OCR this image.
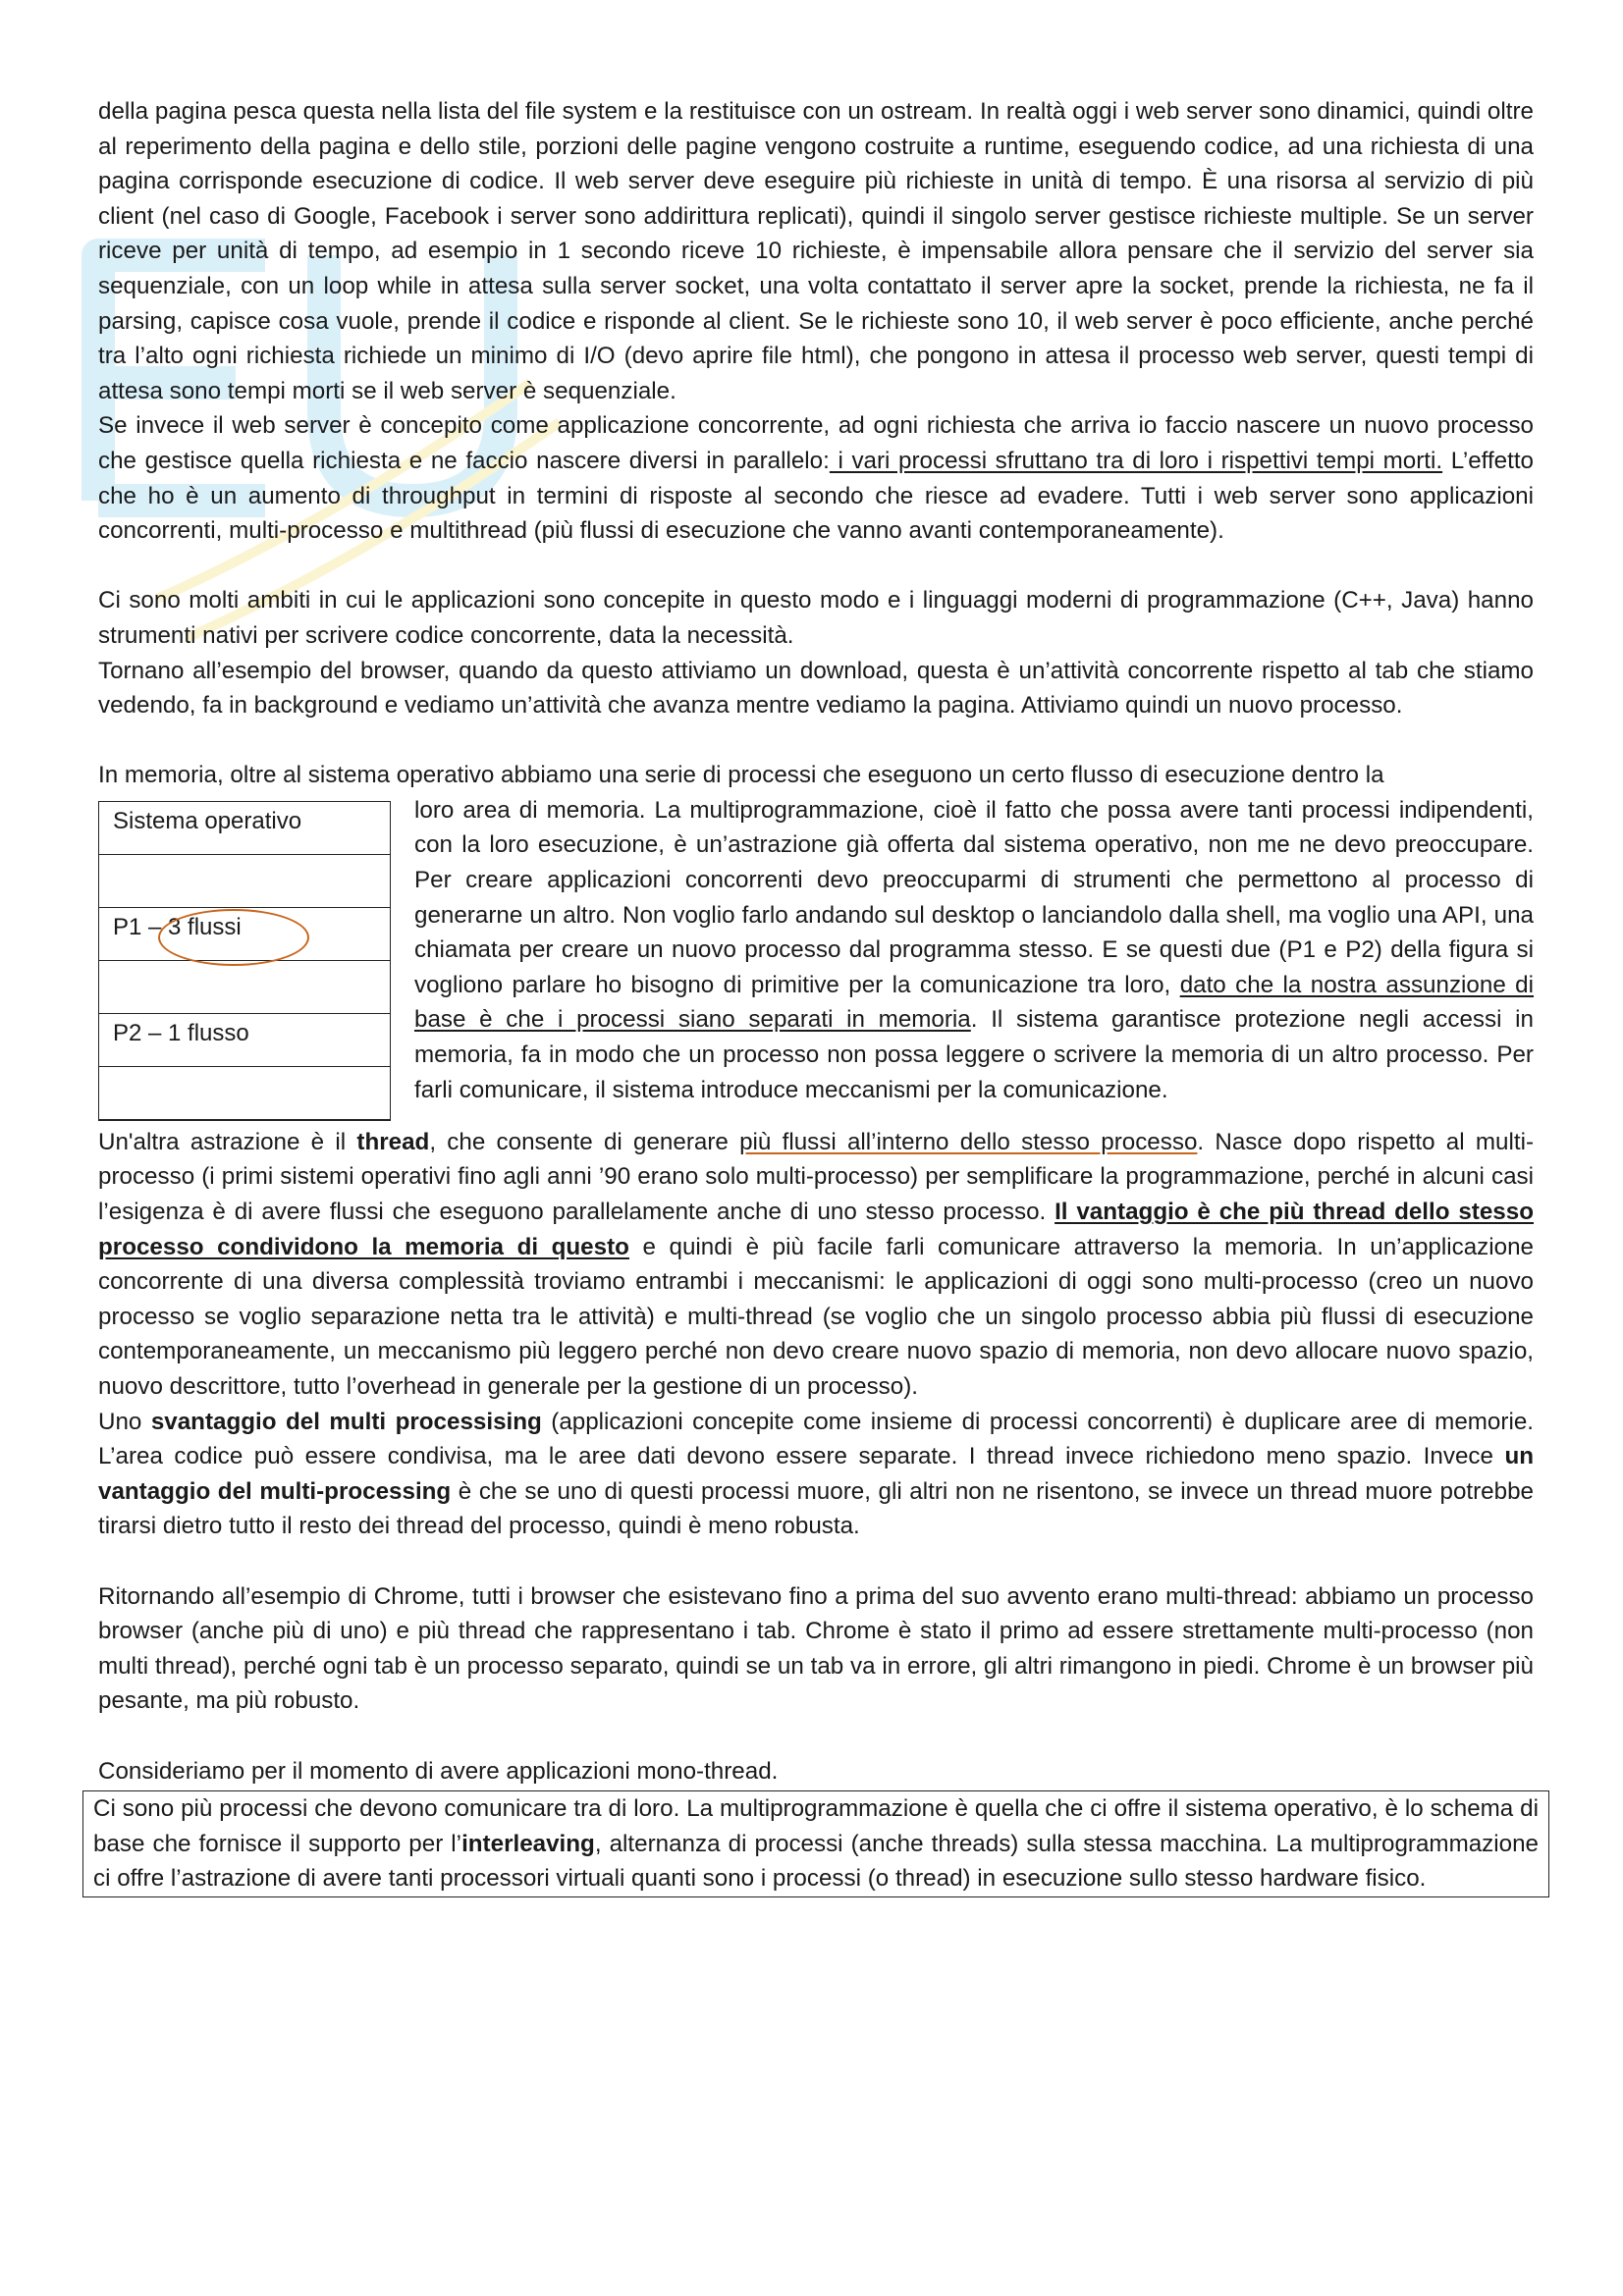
della pagina pesca questa nella lista del file system e la restituisce con un ostream. In realtà oggi i web server sono dinamici, quindi oltre al reperimento della pagina e dello stile, porzioni delle pagine vengono costruite a runtime, eseguendo codice, ad una richiesta di una pagina corrisponde esecuzione di codice. Il web server deve eseguire più richieste in unità di tempo. È una risorsa al servizio di più client (nel caso di Google, Facebook i server sono addirittura replicati), quindi il singolo server gestisce richieste multiple. Se un server riceve per unità di tempo, ad esempio in 1 secondo riceve 10 richieste, è impensabile allora pensare che il servizio del server sia sequenziale, con un loop while in attesa sulla server socket, una volta contattato il server apre la socket, prende la richiesta, ne fa il parsing, capisce cosa vuole, prende il codice e risponde al client. Se le richieste sono 10, il web server è poco efficiente, anche perché tra l’alto ogni richiesta richiede un minimo di I/O (devo aprire file html), che pongono in attesa il processo web server, questi tempi di attesa sono tempi morti se il web server è sequenziale.

Se invece il web server è concepito come applicazione concorrente, ad ogni richiesta che arriva io faccio nascere un nuovo processo che gestisce quella richiesta e ne faccio nascere diversi in parallelo: i vari processi sfruttano tra di loro i rispettivi tempi morti. L’effetto che ho è un aumento di throughput in termini di risposte al secondo che riesce ad evadere. Tutti i web server sono applicazioni concorrenti, multi-processo e multithread (più flussi di esecuzione che vanno avanti contemporaneamente).

Ci sono molti ambiti in cui le applicazioni sono concepite in questo modo e i linguaggi moderni di programmazione (C++, Java) hanno strumenti nativi per scrivere codice concorrente, data la necessità.

Tornano all’esempio del browser, quando da questo attiviamo un download, questa è un’attività concorrente rispetto al tab che stiamo vedendo, fa in background e vediamo un’attività che avanza mentre vediamo la pagina. Attiviamo quindi un nuovo processo.

In memoria, oltre al sistema operativo abbiamo una serie di processi che eseguono un certo flusso di esecuzione dentro la

Sistema operativo
P1 – 3 flussi
P2 – 1 flusso

loro area di memoria. La multiprogrammazione, cioè il fatto che possa avere tanti processi indipendenti, con la loro esecuzione, è un’astrazione già offerta dal sistema operativo, non me ne devo preoccupare. Per creare applicazioni concorrenti devo preoccuparmi di strumenti che permettono al processo di generarne un altro. Non voglio farlo andando sul desktop o lanciandolo dalla shell, ma voglio una API, una chiamata per creare un nuovo processo dal programma stesso. E se questi due (P1 e P2) della figura si vogliono parlare ho bisogno di primitive per la comunicazione tra loro, dato che la nostra assunzione di base è che i processi siano separati in memoria. Il sistema garantisce protezione negli accessi in memoria, fa in modo che un processo non possa leggere o scrivere la memoria di un altro processo. Per farli comunicare, il sistema introduce meccanismi per la comunicazione.

Un'altra astrazione è il thread, che consente di generare più flussi all’interno dello stesso processo. Nasce dopo rispetto al multi-processo (i primi sistemi operativi fino agli anni ’90 erano solo multi-processo) per semplificare la programmazione, perché in alcuni casi l’esigenza è di avere flussi che eseguono parallelamente anche di uno stesso processo. Il vantaggio è che più thread dello stesso processo condividono la memoria di questo e quindi è più facile farli comunicare attraverso la memoria. In un’applicazione concorrente di una diversa complessità troviamo entrambi i meccanismi: le applicazioni di oggi sono multi-processo (creo un nuovo processo se voglio separazione netta tra le attività) e multi-thread (se voglio che un singolo processo abbia più flussi di esecuzione contemporaneamente, un meccanismo più leggero perché non devo creare nuovo spazio di memoria, non devo allocare nuovo spazio, nuovo descrittore, tutto l’overhead in generale per la gestione di un processo).

Uno svantaggio del multi processising (applicazioni concepite come insieme di processi concorrenti) è duplicare aree di memorie. L’area codice può essere condivisa, ma le aree dati devono essere separate. I thread invece richiedono meno spazio. Invece un vantaggio del multi-processing è che se uno di questi processi muore, gli altri non ne risentono, se invece un thread muore potrebbe tirarsi dietro tutto il resto dei thread del processo, quindi è meno robusta.

Ritornando all’esempio di Chrome, tutti i browser che esistevano fino a prima del suo avvento erano multi-thread: abbiamo un processo browser (anche più di uno) e più thread che rappresentano i tab. Chrome è stato il primo ad essere strettamente multi-processo (non multi thread), perché ogni tab è un processo separato, quindi se un tab va in errore, gli altri rimangono in piedi. Chrome è un browser più pesante, ma più robusto.

Consideriamo per il momento di avere applicazioni mono-thread.

Ci sono più processi che devono comunicare tra di loro. La multiprogrammazione è quella che ci offre il sistema operativo, è lo schema di base che fornisce il supporto per l’interleaving, alternanza di processi (anche threads) sulla stessa macchina. La multiprogrammazione ci offre l’astrazione di avere tanti processori virtuali quanti sono i processi (o thread) in esecuzione sullo stesso hardware fisico.
